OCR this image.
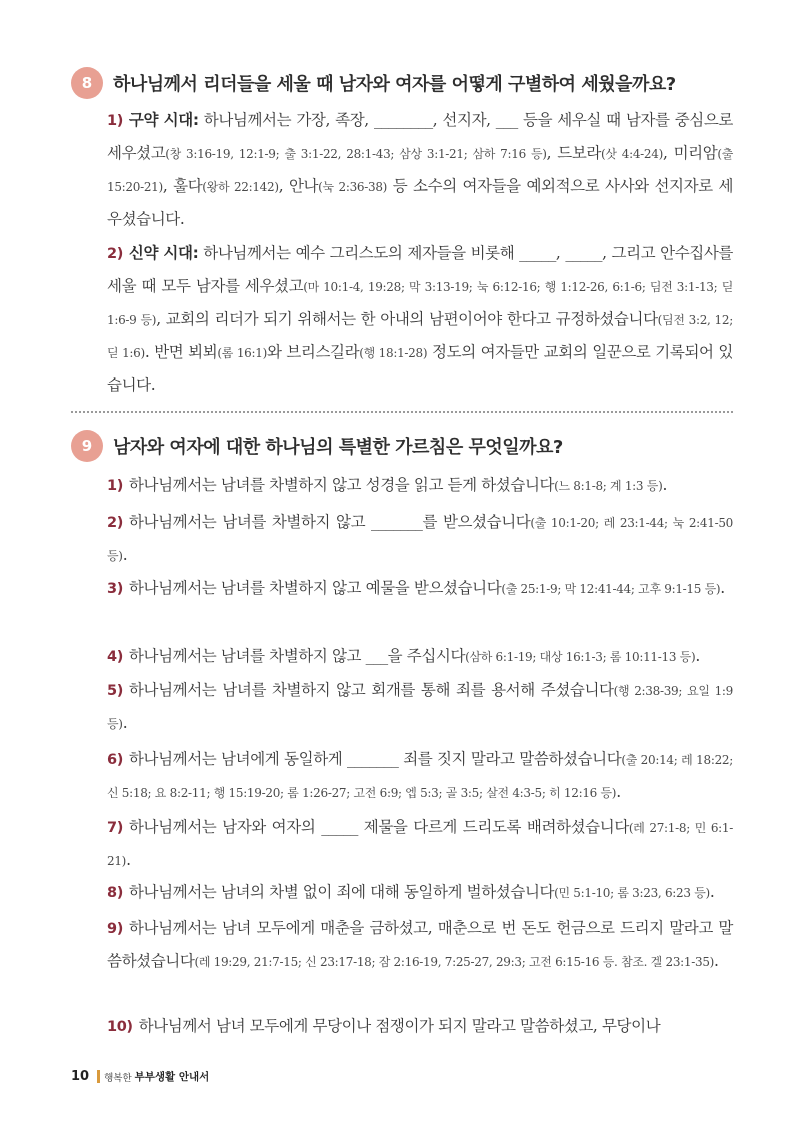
8	하나님께서 리더들을 세울 때 남자와 여자를 어떻게 구별하여 세웠을까요?
1) 구약 시대: 하나님께서는 가장, 족장, ________, 선지자, ___ 등을 세우실 때 남자를 중심으로 세우셨고(창 3:16-19, 12:1-9; 출 3:1-22, 28:1-43; 삼상 3:1-21; 삼하 7:16 등), 드보라(삿 4:4-24), 미리암(출 15:20-21), 훌다(왕하 22:142), 안나(눅 2:36-38) 등 소수의 여자들을 예외적으로 사사와 선지자로 세우셨습니다.
2) 신약 시대: 하나님께서는 예수 그리스도의 제자들을 비롯해 _____, _____, 그리고 안수집사를 세울 때 모두 남자를 세우셨고(마 10:1-4, 19:28; 막 3:13-19; 눅 6:12-16; 행 1:12-26, 6:1-6; 딤전 3:1-13; 딛 1:6-9 등), 교회의 리더가 되기 위해서는 한 아내의 남편이어야 한다고 규정하셨습니다(딤전 3:2, 12; 딛 1:6). 반면 뵈뵈(롬 16:1)와 브리스길라(행 18:1-28) 정도의 여자들만 교회의 일꾼으로 기록되어 있습니다.
9	남자와 여자에 대한 하나님의 특별한 가르침은 무엇일까요?
1) 하나님께서는 남녀를 차별하지 않고 성경을 읽고 듣게 하셨습니다(느 8:1-8; 계 1:3 등).
2) 하나님께서는 남녀를 차별하지 않고 _______를 받으셨습니다(출 10:1-20; 레 23:1-44; 눅 2:41-50 등).
3) 하나님께서는 남녀를 차별하지 않고 예물을 받으셨습니다(출 25:1-9; 막 12:41-44; 고후 9:1-15 등).
4) 하나님께서는 남녀를 차별하지 않고 ___을 주십시다(삼하 6:1-19; 대상 16:1-3; 롬 10:11-13 등).
5) 하나님께서는 남녀를 차별하지 않고 회개를 통해 죄를 용서해 주셨습니다(행 2:38-39; 요일 1:9 등).
6) 하나님께서는 남녀에게 동일하게 _______ 죄를 짓지 말라고 말씀하셨습니다(출 20:14; 레 18:22; 신 5:18; 요 8:2-11; 행 15:19-20; 롬 1:26-27; 고전 6:9; 엡 5:3; 골 3:5; 살전 4:3-5; 히 12:16 등).
7) 하나님께서는 남자와 여자의 _____ 제물을 다르게 드리도록 배려하셨습니다(레 27:1-8; 민 6:1-21).
8) 하나님께서는 남녀의 차별 없이 죄에 대해 동일하게 벌하셨습니다(민 5:1-10; 롬 3:23, 6:23 등).
9) 하나님께서는 남녀 모두에게 매춘을 금하셨고, 매춘으로 번 돈도 헌금으로 드리지 말라고 말씀하셨습니다(레 19:29, 21:7-15; 신 23:17-18; 잠 2:16-19, 7:25-27, 29:3; 고전 6:15-16 등. 참조. 겔 23:1-35).
10) 하나님께서 남녀 모두에게 무당이나 점쟁이가 되지 말라고 말씀하셨고, 무당이나
10 행복한 부부생활 안내서
